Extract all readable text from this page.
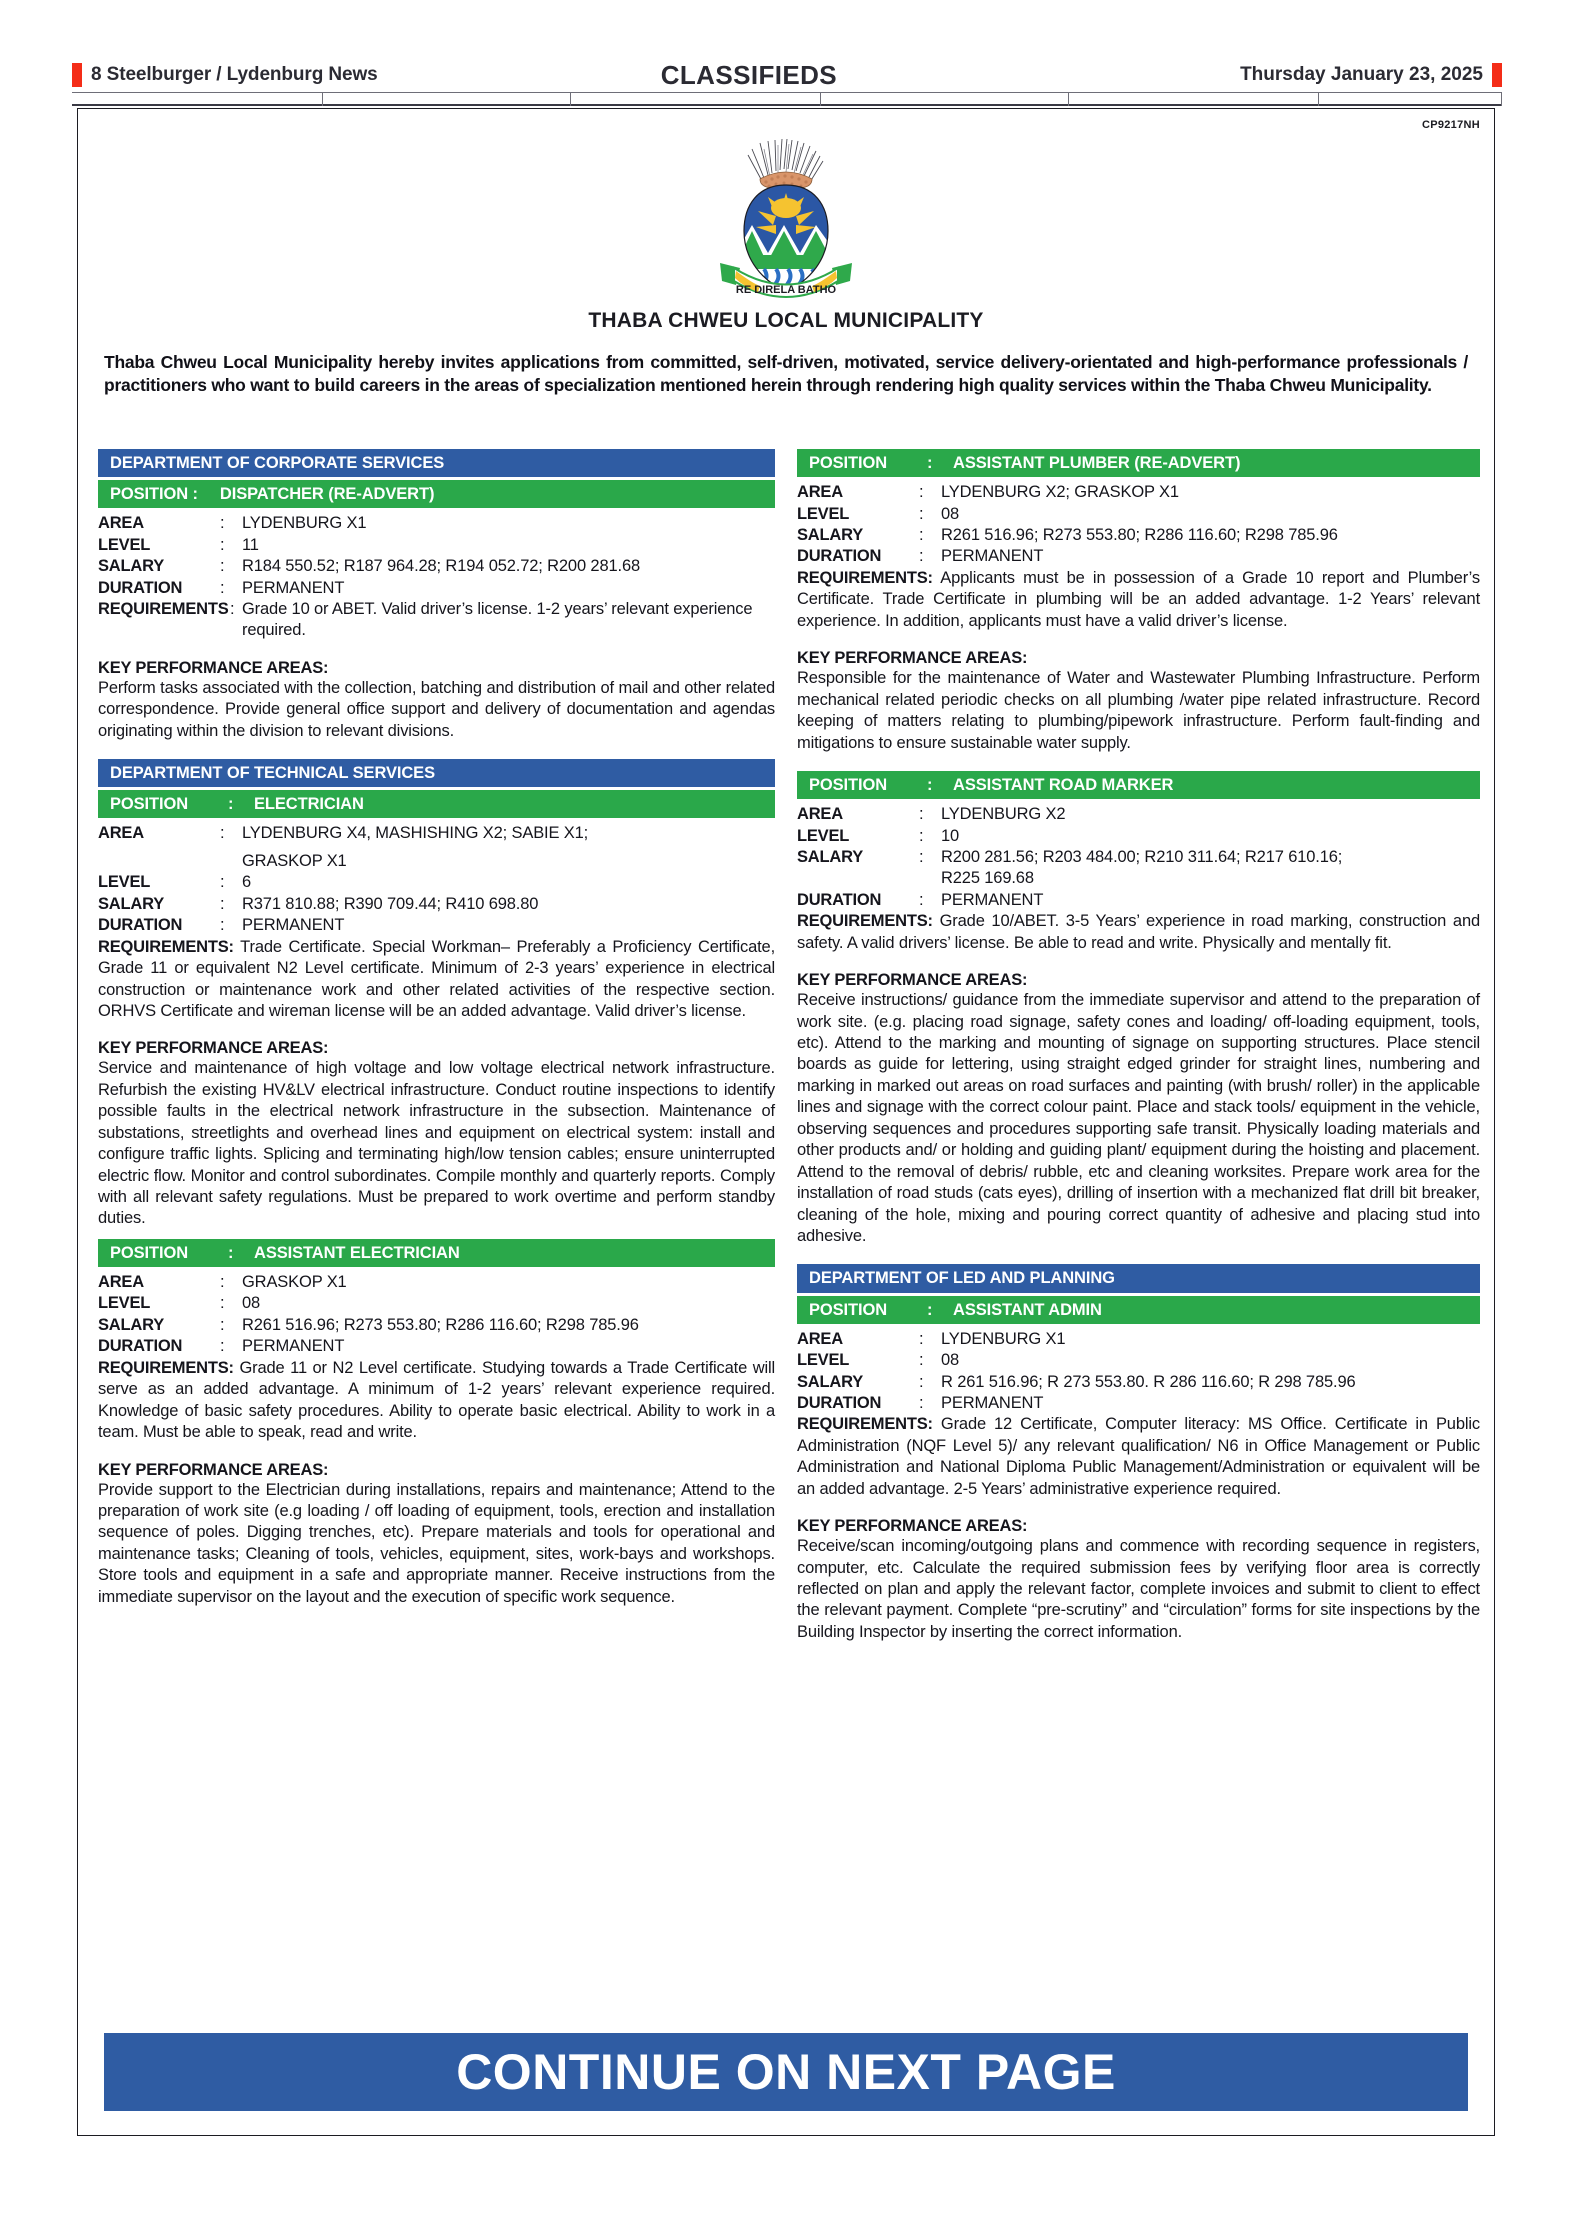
8 Steelburger / Lydenburg News	CLASSIFIEDS	Thursday January 23, 2025
CP9217NH
RE DIRELA BATHO
THABA CHWEU LOCAL MUNICIPALITY
Thaba Chweu Local Municipality hereby invites applications from committed, self-driven, motivated, service delivery-orientated and high-performance professionals / practitioners who want to build careers in the areas of specialization mentioned herein through rendering high quality services within the Thaba Chweu Municipality.
DEPARTMENT OF CORPORATE SERVICES
POSITION : DISPATCHER (RE-ADVERT)
AREA	:	LYDENBURG X1
LEVEL	:	11
SALARY	:	R184 550.52; R187 964.28; R194 052.72; R200 281.68
DURATION	:	PERMANENT
REQUIREMENTS : Grade 10 or ABET. Valid driver’s license. 1-2 years’ relevant experience required.
KEY PERFORMANCE AREAS:
Perform tasks associated with the collection, batching and distribution of mail and other related correspondence. Provide general office support and delivery of documentation and agendas originating within the division to relevant divisions.
DEPARTMENT OF TECHNICAL SERVICES
POSITION	:	ELECTRICIAN
AREA	:	LYDENBURG X4, MASHISHING X2; SABIE X1;
GRASKOP X1
LEVEL	:	6
SALARY	:	R371 810.88; R390 709.44; R410 698.80
DURATION	:	PERMANENT
REQUIREMENTS: Trade Certificate. Special Workman– Preferably a Proficiency Certificate, Grade 11 or equivalent N2 Level certificate. Minimum of 2-3 years’ experience in electrical construction or maintenance work and other related activities of the respective section. ORHVS Certificate and wireman license will be an added advantage. Valid driver’s license.
KEY PERFORMANCE AREAS:
Service and maintenance of high voltage and low voltage electrical network infrastructure. Refurbish the existing HV&LV electrical infrastructure. Conduct routine inspections to identify possible faults in the electrical network infrastructure in the subsection. Maintenance of substations, streetlights and overhead lines and equipment on electrical system: install and configure traffic lights. Splicing and terminating high/low tension cables; ensure uninterrupted electric flow. Monitor and control subordinates. Compile monthly and quarterly reports. Comply with all relevant safety regulations. Must be prepared to work overtime and perform standby duties.
POSITION	:	ASSISTANT ELECTRICIAN
AREA	:	GRASKOP X1
LEVEL	:	08
SALARY	:	R261 516.96; R273 553.80; R286 116.60; R298 785.96
DURATION	:	PERMANENT
REQUIREMENTS: Grade 11 or N2 Level certificate. Studying towards a Trade Certificate will serve as an added advantage. A minimum of 1-2 years’ relevant experience required. Knowledge of basic safety procedures. Ability to operate basic electrical. Ability to work in a team. Must be able to speak, read and write.
KEY PERFORMANCE AREAS:
Provide support to the Electrician during installations, repairs and maintenance; Attend to the preparation of work site (e.g loading / off loading of equipment, tools, erection and installation sequence of poles. Digging trenches, etc). Prepare materials and tools for operational and maintenance tasks; Cleaning of tools, vehicles, equipment, sites, work-bays and workshops. Store tools and equipment in a safe and appropriate manner. Receive instructions from the immediate supervisor on the layout and the execution of specific work sequence.
POSITION	:	ASSISTANT PLUMBER (RE-ADVERT)
AREA	:	LYDENBURG X2; GRASKOP X1
LEVEL	:	08
SALARY	:	R261 516.96; R273 553.80; R286 116.60; R298 785.96
DURATION	:	PERMANENT
REQUIREMENTS: Applicants must be in possession of a Grade 10 report and Plumber’s Certificate. Trade Certificate in plumbing will be an added advantage. 1-2 Years’ relevant experience. In addition, applicants must have a valid driver’s license.
KEY PERFORMANCE AREAS:
Responsible for the maintenance of Water and Wastewater Plumbing Infrastructure. Perform mechanical related periodic checks on all plumbing /water pipe related infrastructure. Record keeping of matters relating to plumbing/pipework infrastructure. Perform fault-finding and mitigations to ensure sustainable water supply.
POSITION	:	ASSISTANT ROAD MARKER
AREA	:	LYDENBURG X2
LEVEL	:	10
SALARY	:	R200 281.56; R203 484.00; R210 311.64; R217 610.16;
R225 169.68
DURATION	:	PERMANENT
REQUIREMENTS: Grade 10/ABET. 3-5 Years’ experience in road marking, construction and safety. A valid drivers’ license. Be able to read and write. Physically and mentally fit.
KEY PERFORMANCE AREAS:
Receive instructions/ guidance from the immediate supervisor and attend to the preparation of work site. (e.g. placing road signage, safety cones and loading/ off-loading equipment, tools, etc). Attend to the marking and mounting of signage on supporting structures. Place stencil boards as guide for lettering, using straight edged grinder for straight lines, numbering and marking in marked out areas on road surfaces and painting (with brush/ roller) in the applicable lines and signage with the correct colour paint. Place and stack tools/ equipment in the vehicle, observing sequences and procedures supporting safe transit. Physically loading materials and other products and/ or holding and guiding plant/ equipment during the hoisting and placement. Attend to the removal of debris/ rubble, etc and cleaning worksites. Prepare work area for the installation of road studs (cats eyes), drilling of insertion with a mechanized flat drill bit breaker, cleaning of the hole, mixing and pouring correct quantity of adhesive and placing stud into adhesive.
DEPARTMENT OF LED AND PLANNING
POSITION	:	ASSISTANT ADMIN
AREA	:	LYDENBURG X1
LEVEL	:	08
SALARY	:	R 261 516.96; R 273 553.80. R 286 116.60; R 298 785.96
DURATION	:	PERMANENT
REQUIREMENTS: Grade 12 Certificate, Computer literacy: MS Office. Certificate in Public Administration (NQF Level 5)/ any relevant qualification/ N6 in Office Management or Public Administration and National Diploma Public Management/Administration or equivalent will be an added advantage. 2-5 Years’ administrative experience required.
KEY PERFORMANCE AREAS:
Receive/scan incoming/outgoing plans and commence with recording sequence in registers, computer, etc. Calculate the required submission fees by verifying floor area is correctly reflected on plan and apply the relevant factor, complete invoices and submit to client to effect the relevant payment. Complete “pre-scrutiny” and “circulation” forms for site inspections by the Building Inspector by inserting the correct information.
CONTINUE ON NEXT PAGE
